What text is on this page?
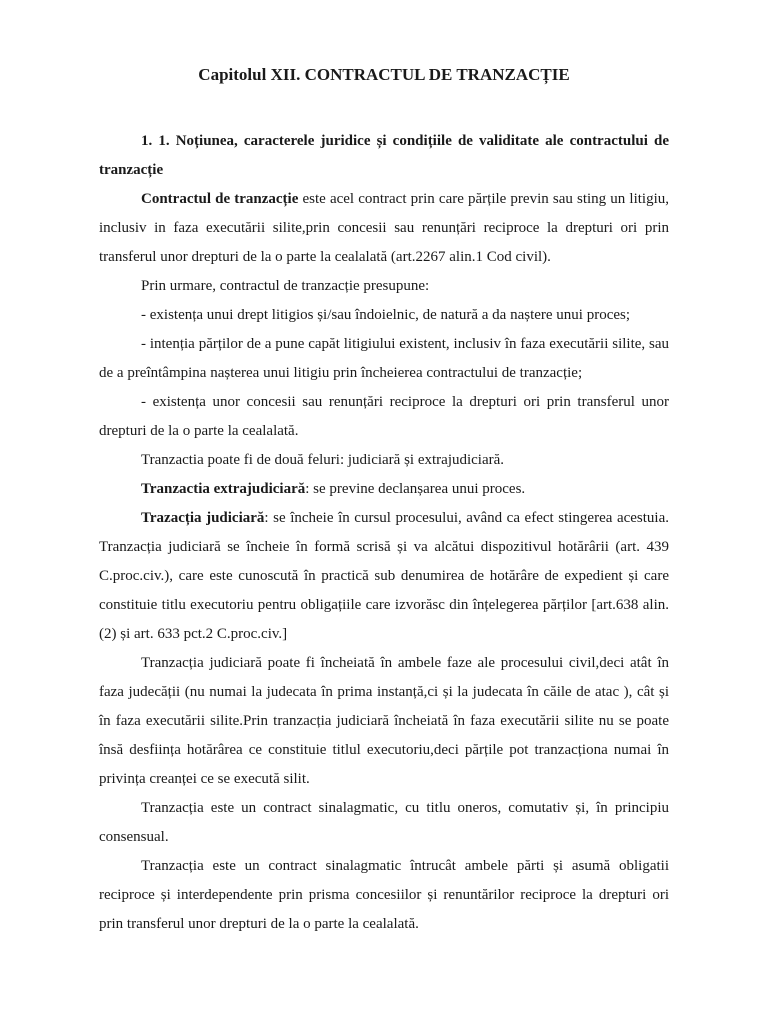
Capitolul XII. CONTRACTUL DE TRANZACȚIE
1. 1. Noțiunea, caracterele juridice și condițiile de validitate ale contractului de tranzacție

Contractul de tranzacție este acel contract prin care părțile previn sau sting un litigiu, inclusiv in faza executării silite,prin concesii sau renunțări reciproce la drepturi ori prin transferul unor drepturi de la o parte la cealalată (art.2267 alin.1 Cod civil).

Prin urmare, contractul de tranzacție presupune:

- existența unui drept litigios și/sau îndoielnic, de natură a da naștere unui proces;

- intenția părților de a pune capăt litigiului existent, inclusiv în faza executării silite, sau de a preîntâmpina nașterea unui litigiu prin încheierea contractului de tranzacție;

- existența unor concesii sau renunțări reciproce la drepturi ori prin transferul unor drepturi de la o parte la cealalată.

Tranzactia poate fi de două feluri: judiciară și extrajudiciară.

Tranzactia extrajudiciară: se previne declanșarea unui proces.

Trazacția judiciară: se încheie în cursul procesului, având ca efect stingerea acestuia. Tranzacția judiciară se încheie în formă scrisă și va alcătui dispozitivul hotărârii (art. 439 C.proc.civ.), care este cunoscută în practică sub denumirea de hotărâre de expedient și care constituie titlu executoriu pentru obligațiile care izvorăsc din înțelegerea părților [art.638 alin.(2) și art. 633 pct.2 C.proc.civ.]

Tranzacția judiciară poate fi încheiată în ambele faze ale procesului civil,deci atât în faza judecății (nu numai la judecata în prima instanță,ci și la judecata în căile de atac ), cât și în faza executării silite.Prin tranzacția judiciară încheiată în faza executării silite nu se poate însă desființa hotărârea ce constituie titlul executoriu,deci părțile pot tranzacționa numai în privința creanței ce se execută silit.

Tranzacția este un contract sinalagmatic, cu titlu oneros, comutativ și, în principiu consensual.

Tranzacția este un contract sinalagmatic întrucât ambele părti și asumă obligatii reciproce și interdependente prin prisma concesiilor și renuntărilor reciproce la drepturi ori prin transferul unor drepturi de la o parte la cealalată.
